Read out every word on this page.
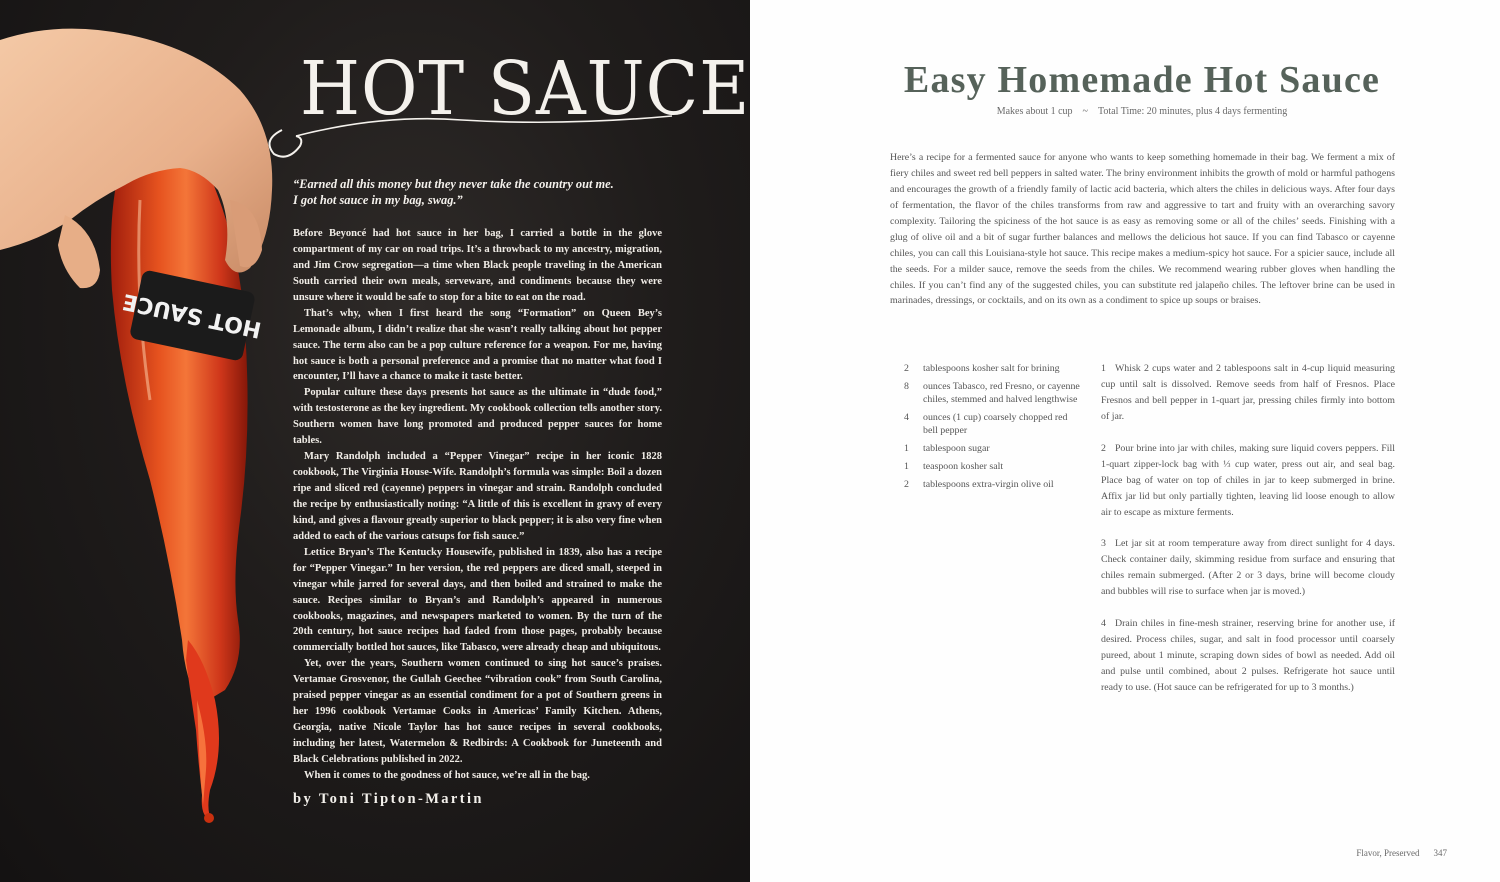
HOT SAUCE
HOT SAUCE
“Earned all this money but they never take the country out me.
I got hot sauce in my bag, swag.”

Before Beyoncé had hot sauce in her bag, I carried a bottle in the glove compartment of my car on road trips. It’s a throwback to my ancestry, migration, and Jim Crow segregation—a time when Black people traveling in the American South carried their own meals, serveware, and condiments because they were unsure where it would be safe to stop for a bite to eat on the road.

That’s why, when I first heard the song “Formation” on Queen Bey’s Lemonade album, I didn’t realize that she wasn’t really talking about hot pepper sauce. The term also can be a pop culture reference for a weapon. For me, having hot sauce is both a personal preference and a promise that no matter what food I encounter, I’ll have a chance to make it taste better.

Popular culture these days presents hot sauce as the ultimate in “dude food,” with testosterone as the key ingredient. My cookbook collection tells another story. Southern women have long promoted and produced pepper sauces for home tables.

Mary Randolph included a “Pepper Vinegar” recipe in her iconic 1828 cookbook, The Virginia House-Wife. Randolph’s formula was simple: Boil a dozen ripe and sliced red (cayenne) peppers in vinegar and strain. Randolph concluded the recipe by enthusiastically noting: “A little of this is excellent in gravy of every kind, and gives a flavour greatly superior to black pepper; it is also very fine when added to each of the various catsups for fish sauce.”

Lettice Bryan’s The Kentucky Housewife, published in 1839, also has a recipe for “Pepper Vinegar.” In her version, the red peppers are diced small, steeped in vinegar while jarred for several days, and then boiled and strained to make the sauce. Recipes similar to Bryan’s and Randolph’s appeared in numerous cookbooks, magazines, and newspapers marketed to women. By the turn of the 20th century, hot sauce recipes had faded from those pages, probably because commercially bottled hot sauces, like Tabasco, were already cheap and ubiquitous.

Yet, over the years, Southern women continued to sing hot sauce’s praises. Vertamae Grosvenor, the Gullah Geechee “vibration cook” from South Carolina, praised pepper vinegar as an essential condiment for a pot of Southern greens in her 1996 cookbook Vertamae Cooks in Americas’ Family Kitchen. Athens, Georgia, native Nicole Taylor has hot sauce recipes in several cookbooks, including her latest, Watermelon & Redbirds: A Cookbook for Juneteenth and Black Celebrations published in 2022.

When it comes to the goodness of hot sauce, we’re all in the bag.

by Toni Tipton-Martin
Easy Homemade Hot Sauce
Makes about 1 cup ~ Total Time: 20 minutes, plus 4 days fermenting

Here’s a recipe for a fermented sauce for anyone who wants to keep something homemade in their bag. We ferment a mix of fiery chiles and sweet red bell peppers in salted water. The briny environment inhibits the growth of mold or harmful pathogens and encourages the growth of a friendly family of lactic acid bacteria, which alters the chiles in delicious ways. After four days of fermentation, the flavor of the chiles transforms from raw and aggressive to tart and fruity with an overarching savory complexity. Tailoring the spiciness of the hot sauce is as easy as removing some or all of the chiles’ seeds. Finishing with a glug of olive oil and a bit of sugar further balances and mellows the delicious hot sauce. If you can find Tabasco or cayenne chiles, you can call this Louisiana-style hot sauce. This recipe makes a medium-spicy hot sauce. For a spicier sauce, include all the seeds. For a milder sauce, remove the seeds from the chiles. We recommend wearing rubber gloves when handling the chiles. If you can’t find any of the suggested chiles, you can substitute red jalapeño chiles. The leftover brine can be used in marinades, dressings, or cocktails, and on its own as a condiment to spice up soups or braises.

2	tablespoons kosher salt for brining
8	ounces Tabasco, red Fresno, or cayenne chiles, stemmed and halved lengthwise
4	ounces (1 cup) coarsely chopped red bell pepper
1	tablespoon sugar
1	teaspoon kosher salt
2	tablespoons extra-virgin olive oil

1 Whisk 2 cups water and 2 tablespoons salt in 4-cup liquid measuring cup until salt is dissolved. Remove seeds from half of Fresnos. Place Fresnos and bell pepper in 1-quart jar, pressing chiles firmly into bottom of jar.

2 Pour brine into jar with chiles, making sure liquid covers peppers. Fill 1-quart zipper-lock bag with ⅓ cup water, press out air, and seal bag. Place bag of water on top of chiles in jar to keep submerged in brine. Affix jar lid but only partially tighten, leaving lid loose enough to allow air to escape as mixture ferments.

3 Let jar sit at room temperature away from direct sunlight for 4 days. Check container daily, skimming residue from surface and ensuring that chiles remain submerged. (After 2 or 3 days, brine will become cloudy and bubbles will rise to surface when jar is moved.)

4 Drain chiles in fine-mesh strainer, reserving brine for another use, if desired. Process chiles, sugar, and salt in food processor until coarsely pureed, about 1 minute, scraping down sides of bowl as needed. Add oil and pulse until combined, about 2 pulses. Refrigerate hot sauce until ready to use. (Hot sauce can be refrigerated for up to 3 months.)

Flavor, Preserved 347
